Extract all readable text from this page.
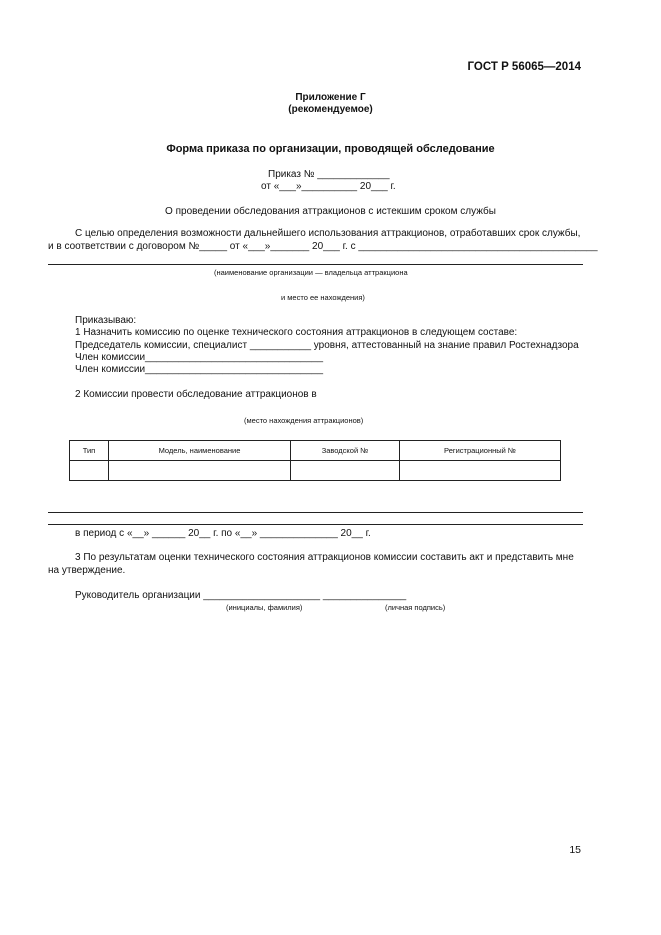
ГОСТ Р 56065—2014
Приложение Г
(рекомендуемое)
Форма приказа по организации, проводящей обследование
Приказ № _____________
от «___»__________ 20___ г.
О проведении обследования аттракционов с истекшим сроком службы
С целью определения возможности дальнейшего использования аттракционов, отработавших срок службы,
и в соответствии с договором №_____ от «___»_______ 20___ г. с ___________________________________________
(наименование организации — владельца аттракциона
и место ее нахождения)
Приказываю:
1 Назначить комиссию по оценке технического состояния аттракционов в следующем составе:
Председатель комиссии, специалист ___________ уровня, аттестованный на знание правил Ростехнадзора
Член комиссии________________________________
Член комиссии________________________________
2 Комиссии провести обследование аттракционов в
(место нахождения аттракционов)
Тип	Модель, наименование	Заводской №	Регистрационный №

в период с «__» ______ 20__ г. по «__» ______________ 20__ г.
3 По результатам оценки технического состояния аттракционов комиссии составить акт и представить мне
на утверждение.
Руководитель организации _____________________ _______________
(инициалы, фамилия)	(личная подпись)
15
